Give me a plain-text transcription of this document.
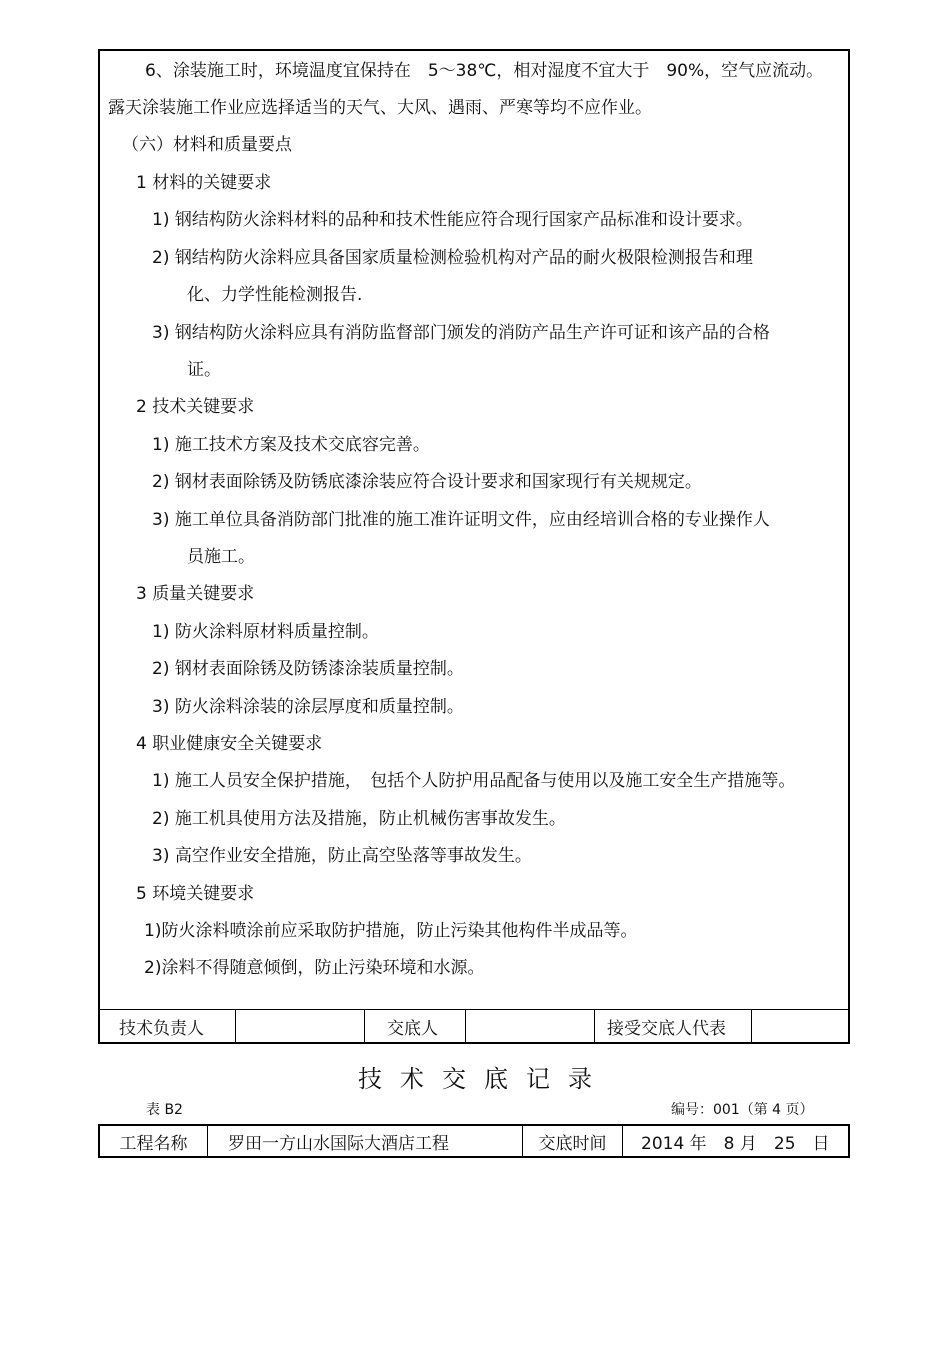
6、涂装施工时，环境温度宜保持在　5～38℃，相对湿度不宜大于　90%，空气应流动。
露天涂装施工作业应选择适当的天气、大风、遇雨、严寒等均不应作业。
（六）材料和质量要点
1 材料的关键要求
1) 钢结构防火涂料材料的品种和技术性能应符合现行国家产品标准和设计要求。
2) 钢结构防火涂料应具备国家质量检测检验机构对产品的耐火极限检测报告和理
化、力学性能检测报告.
3) 钢结构防火涂料应具有消防监督部门颁发的消防产品生产许可证和该产品的合格
证。
2 技术关键要求
1) 施工技术方案及技术交底容完善。
2) 钢材表面除锈及防锈底漆涂装应符合设计要求和国家现行有关规规定。
3) 施工单位具备消防部门批准的施工准许证明文件，应由经培训合格的专业操作人
员施工。
3 质量关键要求
1) 防火涂料原材料质量控制。
2) 钢材表面除锈及防锈漆涂装质量控制。
3) 防火涂料涂装的涂层厚度和质量控制。
4 职业健康安全关键要求
1) 施工人员安全保护措施，　包括个人防护用品配备与使用以及施工安全生产措施等。
2) 施工机具使用方法及措施，防止机械伤害事故发生。
3) 高空作业安全措施，防止高空坠落等事故发生。
5 环境关键要求
1)防火涂料喷涂前应采取防护措施，防止污染其他构件半成品等。
2)涂料不得随意倾倒，防止污染环境和水源。
技术负责人	交底人	接受交底人代表
技术交底记录
表 B2	编号：001（第 4 页）
工程名称	罗田一方山水国际大酒店工程	交底时间	2014 年　8 月　25　日
